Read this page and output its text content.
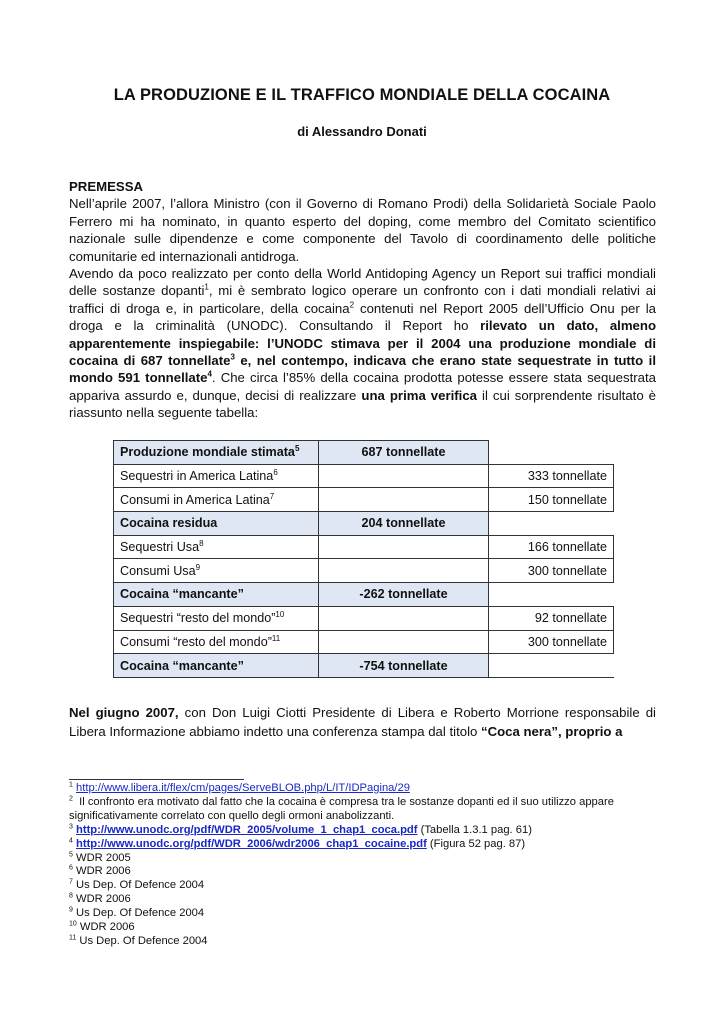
LA PRODUZIONE E IL TRAFFICO MONDIALE DELLA COCAINA
di Alessandro Donati

PREMESSA

Nell’aprile 2007, l’allora Ministro (con il Governo di Romano Prodi) della Solidarietà Sociale Paolo Ferrero mi ha nominato, in quanto esperto del doping, come membro del Comitato scientifico nazionale sulle dipendenze e come componente del Tavolo di coordinamento delle politiche comunitarie ed internazionali antidroga.

Avendo da poco realizzato per conto della World Antidoping Agency un Report sui traffici mondiali delle sostanze dopanti$^1$, mi è sembrato logico operare un confronto con i dati mondiali relativi ai traffici di droga e, in particolare, della cocaina$^2$ contenuti nel Report 2005 dell’Ufficio Onu per la droga e la criminalità (UNODC). Consultando il Report ho rilevato un dato, almeno apparentemente inspiegabile: l’UNODC stimava per il 2004 una produzione mondiale di cocaina di 687 tonnellate$^3$ e, nel contempo, indicava che erano state sequestrate in tutto il mondo 591 tonnellate$^4$. Che circa l’85% della cocaina prodotta potesse essere stata sequestrata appariva assurdo e, dunque, decisi di realizzare una prima verifica il cui sorprendente risultato è riassunto nella seguente tabella:

Produzione mondiale stimata$^5$	687 tonnellate	
Sequestri in America Latina$^6$		333 tonnellate
Consumi in America Latina$^7$		150 tonnellate
Cocaina residua	204 tonnellate	
Sequestri Usa$^8$		166 tonnellate
Consumi Usa$^9$		300 tonnellate
Cocaina “mancante”	-262 tonnellate	
Sequestri “resto del mondo”$^{10}$		92 tonnellate
Consumi “resto del mondo”$^{11}$		300 tonnellate
Cocaina “mancante”	-754 tonnellate	

Nel giugno 2007, con Don Luigi Ciotti Presidente di Libera e Roberto Morrione responsabile di Libera Informazione abbiamo indetto una conferenza stampa dal titolo “Coca nera”, proprio a

$^1$ http://www.libera.it/flex/cm/pages/ServeBLOB.php/L/IT/IDPagina/29
$^2$ Il confronto era motivato dal fatto che la cocaina è compresa tra le sostanze dopanti ed il suo utilizzo appare significativamente correlato con quello degli ormoni anabolizzanti.
$^3$ http://www.unodc.org/pdf/WDR_2005/volume_1_chap1_coca.pdf (Tabella 1.3.1 pag. 61)
$^4$ http://www.unodc.org/pdf/WDR_2006/wdr2006_chap1_cocaine.pdf (Figura 52 pag. 87)
$^5$ WDR 2005
$^6$ WDR 2006
$^7$ Us Dep. Of Defence 2004
$^8$ WDR 2006
$^9$ Us Dep. Of Defence 2004
$^{10}$ WDR 2006
$^{11}$ Us Dep. Of Defence 2004
